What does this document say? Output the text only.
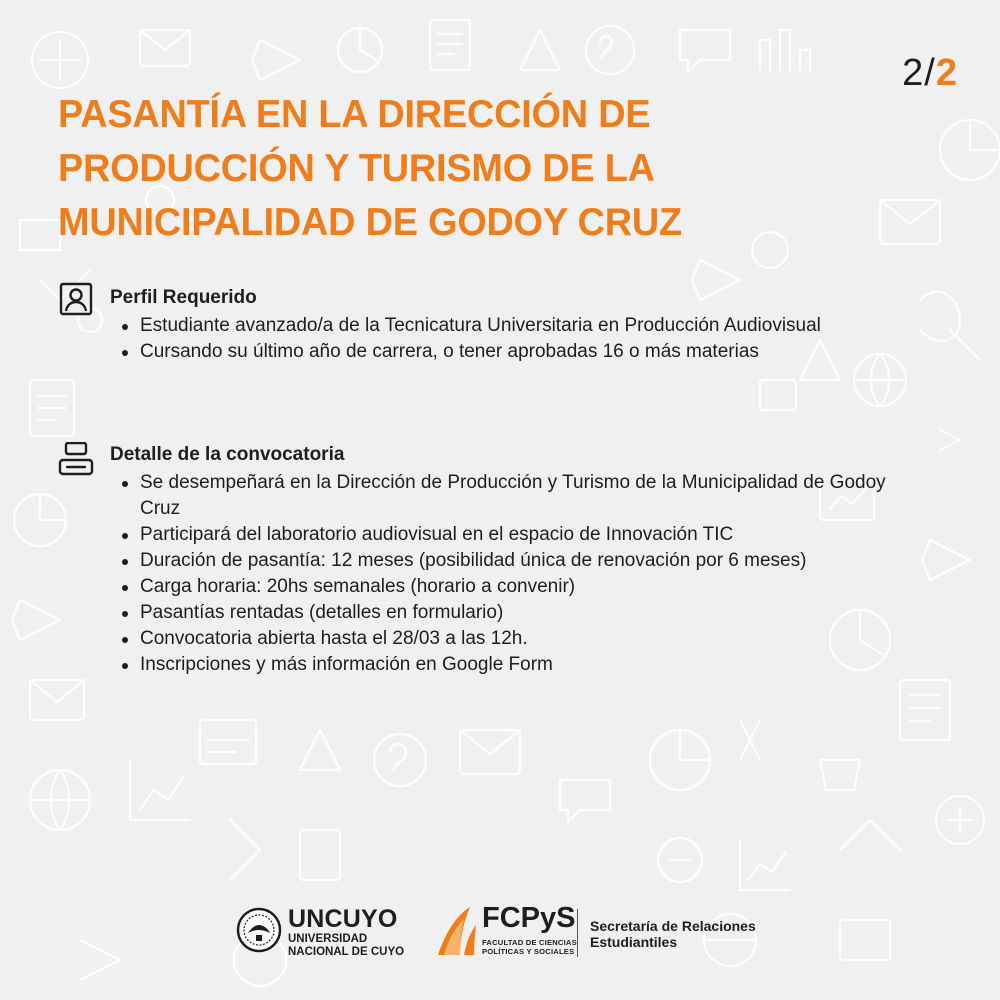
2/2
PASANTÍA EN LA DIRECCIÓN DE PRODUCCIÓN Y TURISMO DE LA MUNICIPALIDAD DE GODOY CRUZ
Perfil Requerido
Estudiante avanzado/a de la Tecnicatura Universitaria en Producción Audiovisual
Cursando su último año de carrera, o tener aprobadas 16 o más materias
Detalle de la convocatoria
Se desempeñará en la Dirección de Producción y Turismo de la Municipalidad de Godoy Cruz
Participará del laboratorio audiovisual en el espacio de Innovación TIC
Duración de pasantía: 12 meses (posibilidad única de renovación por 6 meses)
Carga horaria: 20hs semanales (horario a convenir)
Pasantías rentadas (detalles en formulario)
Convocatoria abierta hasta el 28/03 a las 12h.
Inscripciones y más información en Google Form
UNCUYO
UNIVERSIDAD
NACIONAL DE CUYO
FCPyS
FACULTAD DE CIENCIAS
POLÍTICAS Y SOCIALES
Secretaría de Relaciones
Estudiantiles
